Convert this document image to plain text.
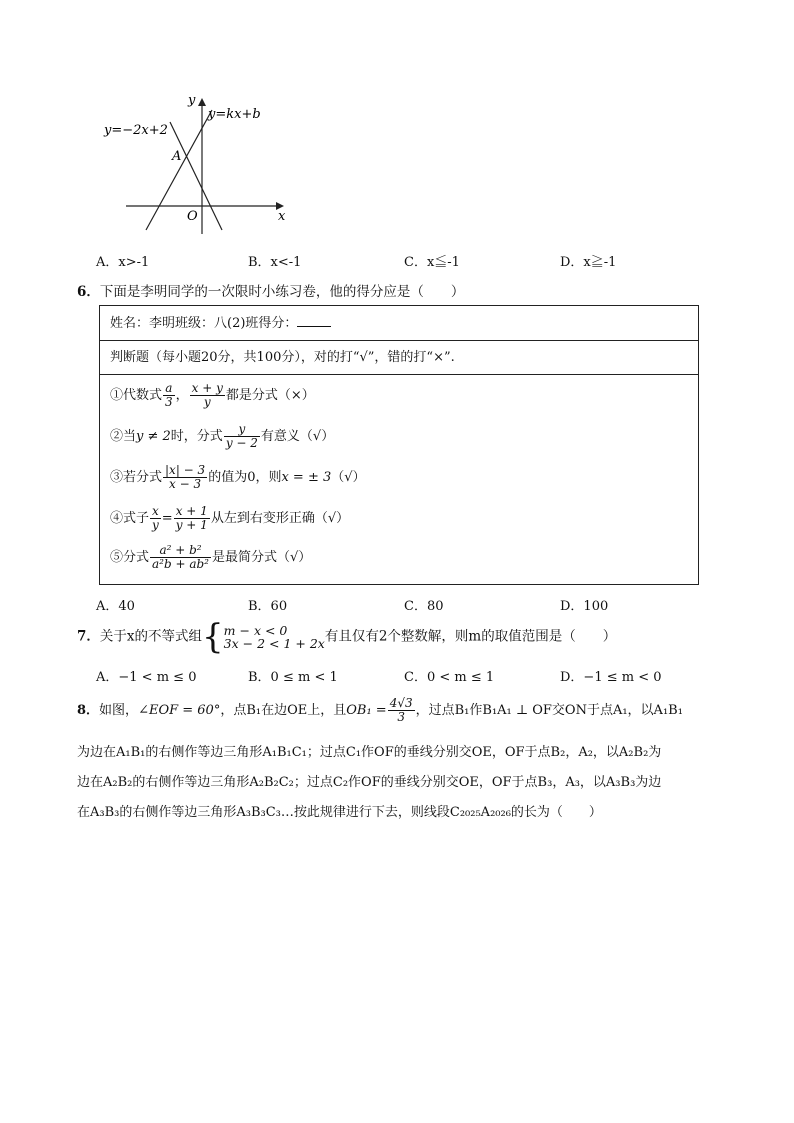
y
x
O
A
y=−2x+2
y=kx+b
A．x>-1	B．x<-1	C．x≦-1	D．x≧-1
6．下面是李明同学的一次限时小练习卷，他的得分应是（　　）
姓名：李明班级：八(2)班得分：
判断题（每小题20分，共100分），对的打“√”，错的打“×”.
①代数式 $\frac{a}{3}$ ， $\frac{x + y}{y}$ 都是分式（×）
②当y ≠ 2时，分式 $\frac{y}{y - 2}$ 有意义（√）
③若分式 $\frac{|x| - 3}{x - 3}$ 的值为0，则x = ± 3（√）
④式子 $\frac{x}{y} = \frac{x + 1}{y + 1}$ 从左到右变形正确（√）
⑤分式 $\frac{\text{a² + b²}}{\text{a²b + ab²}}$ 是最简分式（√）
A．40	B．60	C．80	D．100
7．关于x的不等式组{ m − x < 0
3x − 2 < 1 + 2x 有且仅有2个整数解，则m的取值范围是（　　）
A．−1 < m ≤ 0	B．0 ≤ m < 1	C．0 < m ≤ 1	D．−1 ≤ m < 0
8．如图，∠EOF = 60°，点B₁在边OE上，且$OB_1 = \frac{4√3}{3}$ ，过点B₁作B₁A₁ ⊥ OF交ON于点A₁，以A₁B₁
为边在A₁B₁的右侧作等边三角形A₁B₁C₁；过点C₁作OF的垂线分别交OE，OF于点B₂，A₂，以A₂B₂为
边在A₂B₂的右侧作等边三角形A₂B₂C₂；过点C₂作OF的垂线分别交OE，OF于点B₃，A₃，以A₃B₃为边
在A₃B₃的右侧作等边三角形A₃B₃C₃…按此规律进行下去，则线段C₂₀₂₅A₂₀₂₆的长为（　　）
